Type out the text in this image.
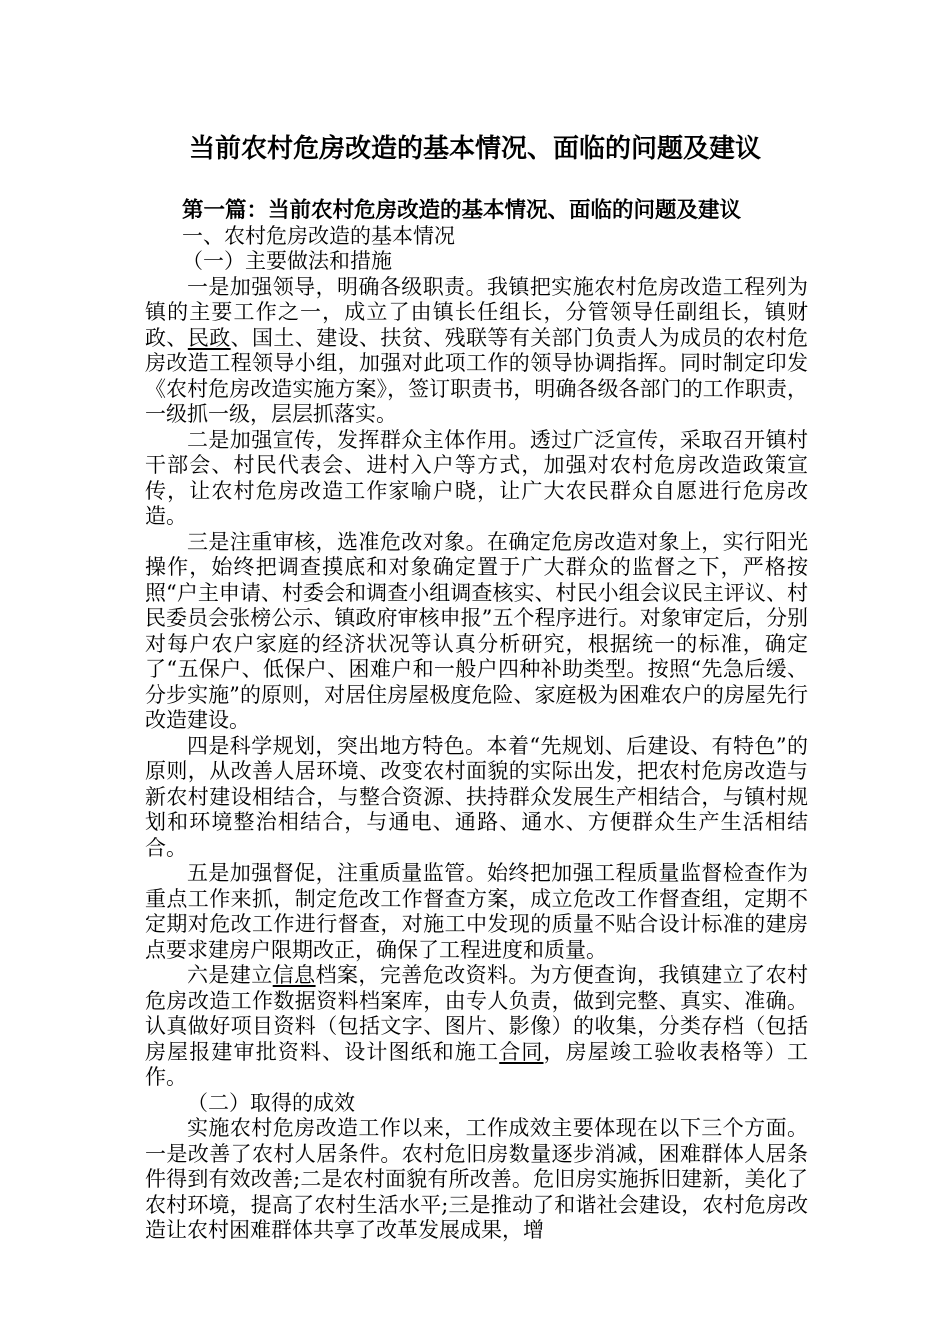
当前农村危房改造的基本情况、面临的问题及建议

第一篇：当前农村危房改造的基本情况、面临的问题及建议

一、农村危房改造的基本情况

（一）主要做法和措施

一是加强领导，明确各级职责。我镇把实施农村危房改造工程列为镇的主要工作之一，成立了由镇长任组长，分管领导任副组长，镇财政、民政、国土、建设、扶贫、残联等有关部门负责人为成员的农村危房改造工程领导小组，加强对此项工作的领导协调指挥。同时制定印发《农村危房改造实施方案》，签订职责书，明确各级各部门的工作职责，一级抓一级，层层抓落实。

二是加强宣传，发挥群众主体作用。透过广泛宣传，采取召开镇村干部会、村民代表会、进村入户等方式，加强对农村危房改造政策宣传，让农村危房改造工作家喻户晓，让广大农民群众自愿进行危房改造。

三是注重审核，选准危改对象。在确定危房改造对象上，实行阳光操作，始终把调查摸底和对象确定置于广大群众的监督之下，严格按照“户主申请、村委会和调查小组调查核实、村民小组会议民主评议、村民委员会张榜公示、镇政府审核申报”五个程序进行。对象审定后，分别对每户农户家庭的经济状况等认真分析研究，根据统一的标准，确定了“五保户、低保户、困难户和一般户四种补助类型。按照“先急后缓、分步实施”的原则，对居住房屋极度危险、家庭极为困难农户的房屋先行改造建设。

四是科学规划，突出地方特色。本着“先规划、后建设、有特色”的原则，从改善人居环境、改变农村面貌的实际出发，把农村危房改造与新农村建设相结合，与整合资源、扶持群众发展生产相结合，与镇村规划和环境整治相结合，与通电、通路、通水、方便群众生产生活相结合。

五是加强督促，注重质量监管。始终把加强工程质量监督检查作为重点工作来抓，制定危改工作督查方案，成立危改工作督查组，定期不定期对危改工作进行督查，对施工中发现的质量不贴合设计标准的建房点要求建房户限期改正，确保了工程进度和质量。

六是建立信息档案，完善危改资料。为方便查询，我镇建立了农村危房改造工作数据资料档案库，由专人负责，做到完整、真实、准确。认真做好项目资料（包括文字、图片、影像）的收集，分类存档（包括房屋报建审批资料、设计图纸和施工合同，房屋竣工验收表格等）工作。

（二）取得的成效

实施农村危房改造工作以来，工作成效主要体现在以下三个方面。一是改善了农村人居条件。农村危旧房数量逐步消减，困难群体人居条件得到有效改善;二是农村面貌有所改善。危旧房实施拆旧建新，美化了农村环境，提高了农村生活水平;三是推动了和谐社会建设，农村危房改造让农村困难群体共享了改革发展成果，增
